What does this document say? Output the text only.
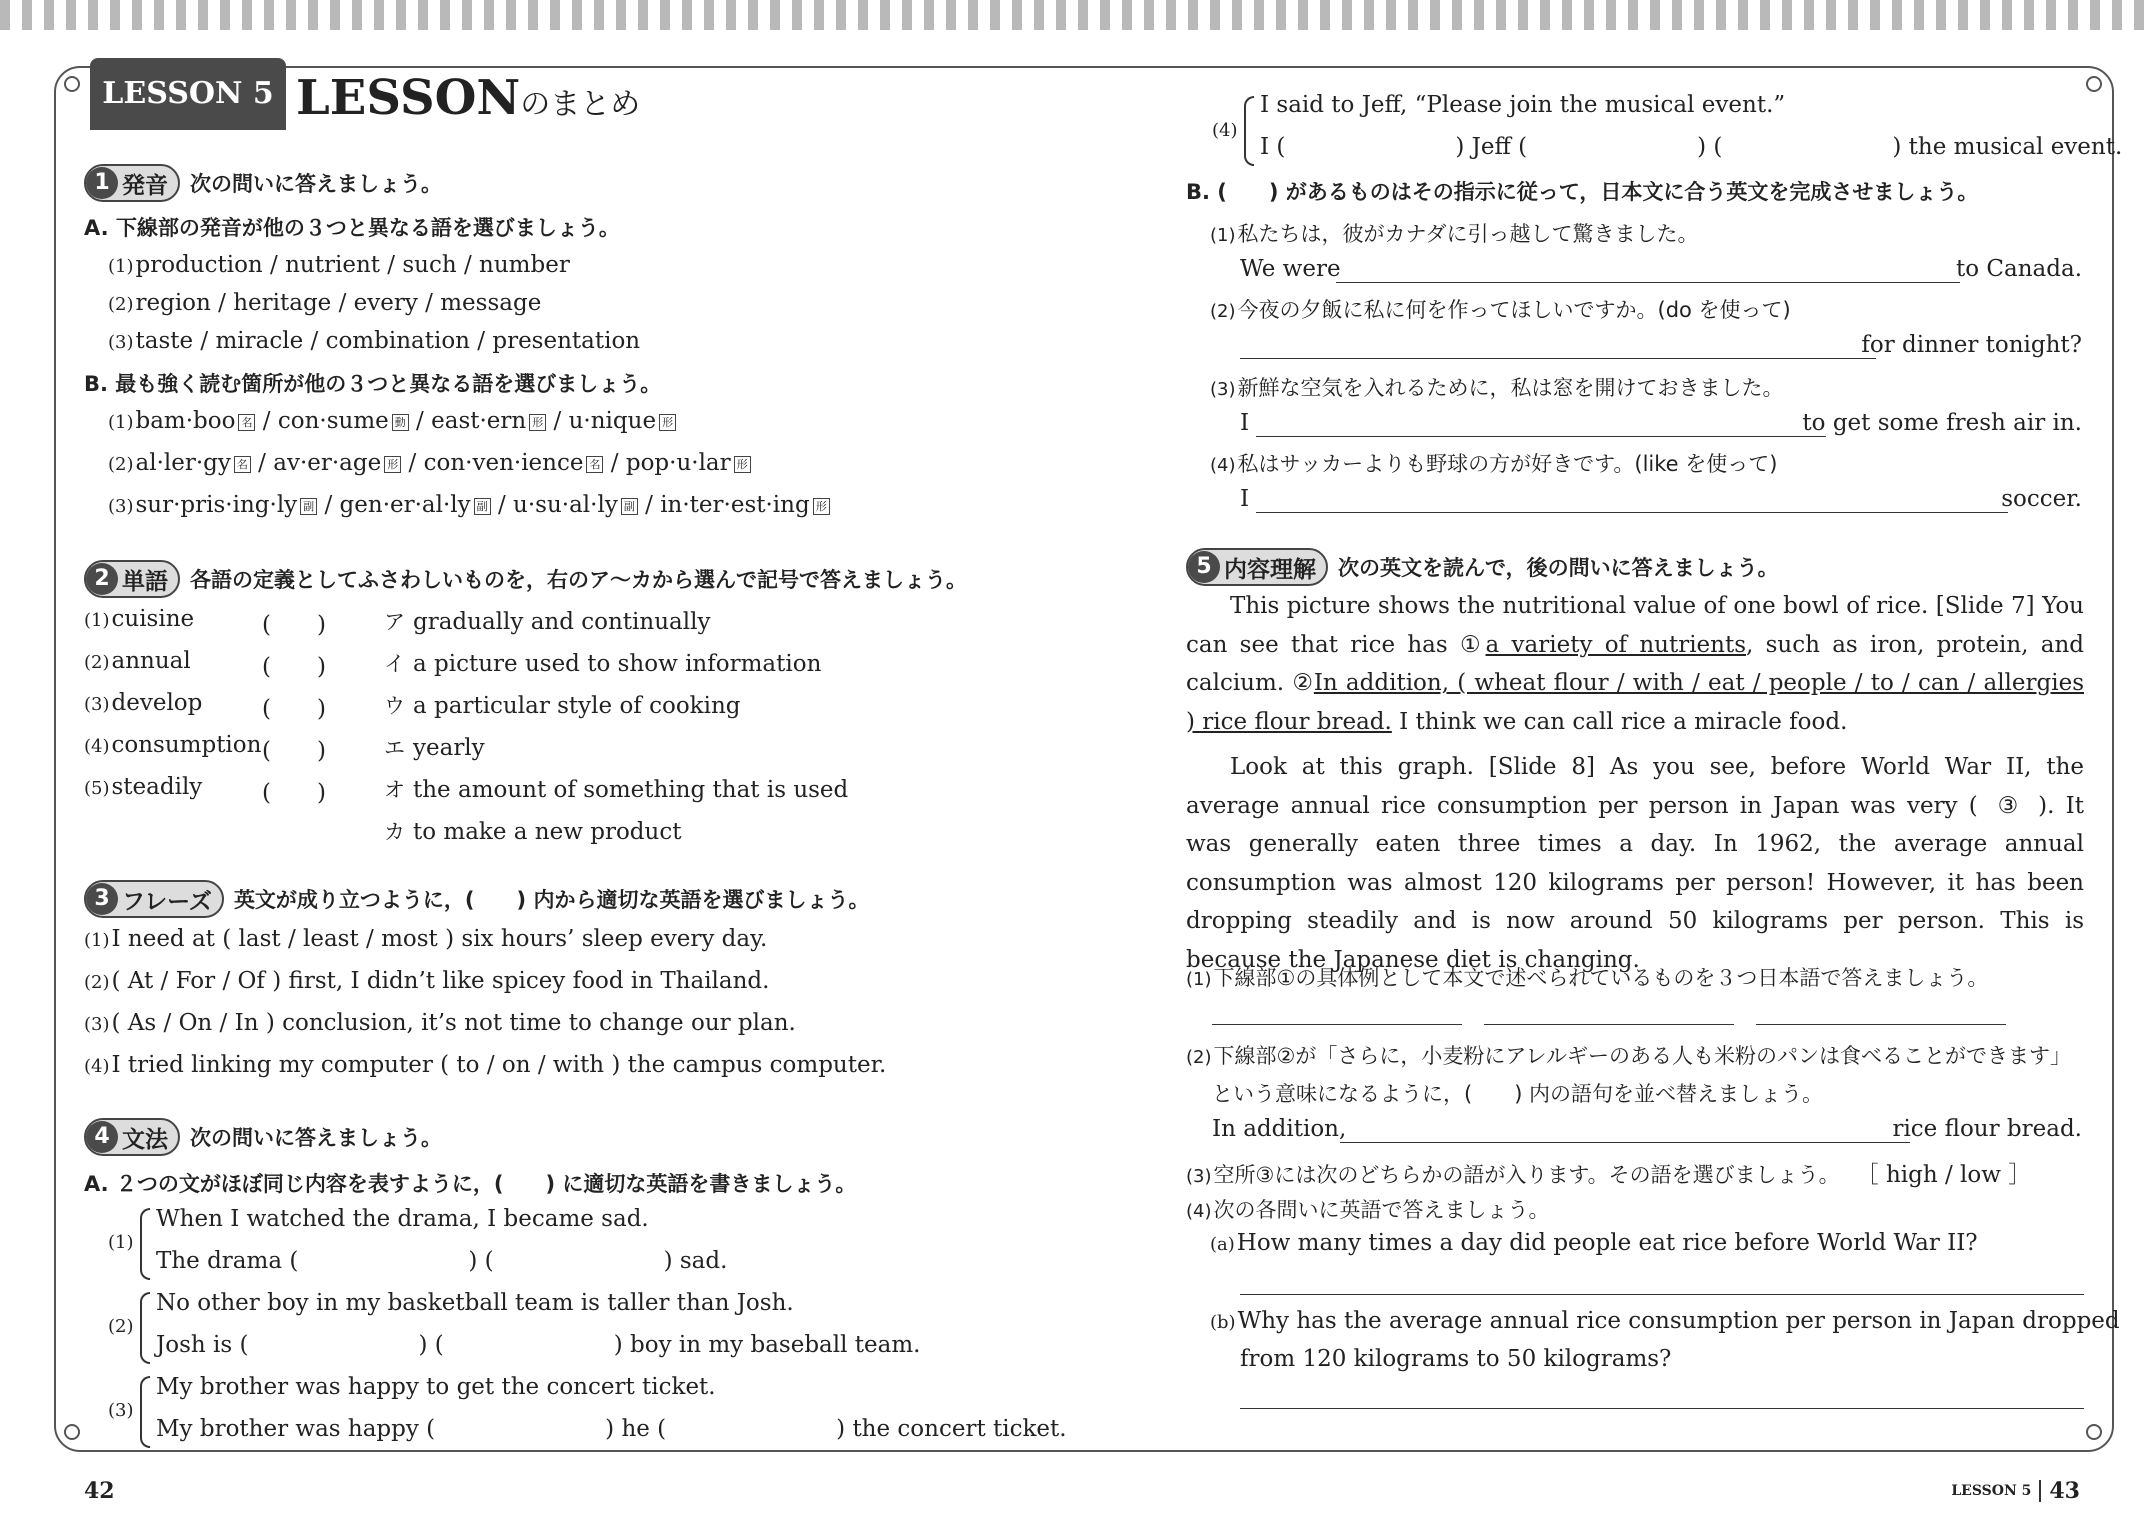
LESSON 5 LESSONのまとめ
1 発音 次の問いに答えましょう。
A. 下線部の発音が他の３つと異なる語を選びましょう。
(1)production / nutrient / such / number
(2)region / heritage / every / message
(3)taste / miracle / combination / presentation
B. 最も強く読む箇所が他の３つと異なる語を選びましょう。
(1)bam·boo 名 / con·sume 動 / east·ern 形 / u·nique 形
(2)al·ler·gy 名 / av·er·age 形 / con·ven·ience 名 / pop·u·lar 形
(3)sur·pris·ing·ly 副 / gen·er·al·ly 副 / u·su·al·ly 副 / in·ter·est·ing 形
2 単語 各語の定義としてふさわしいものを，右のア〜カから選んで記号で答えましょう。
(1)cuisine	(　　)	ア gradually and continually
(2)annual	(　　)	イ a picture used to show information
(3)develop	(　　)	ウ a particular style of cooking
(4)consumption (　　)	エ yearly
(5)steadily	(　　)	オ the amount of something that is used
カ to make a new product
3 フレーズ 英文が成り立つように，(　　) 内から適切な英語を選びましょう。
(1)I need at ( last / least / most ) six hours’ sleep every day.
(2)( At / For / Of ) first, I didn’t like spicey food in Thailand.
(3)( As / On / In ) conclusion, it’s not time to change our plan.
(4)I tried linking my computer ( to / on / with ) the campus computer.
4 文法 次の問いに答えましょう。
A. ２つの文がほぼ同じ内容を表すように，(　　) に適切な英語を書きましょう。
(1)
When I watched the drama, I became sad.
The drama (	) (	) sad.
(2)
No other boy in my basketball team is taller than Josh.
Josh is (	) (	) boy in my baseball team.
(3)
My brother was happy to get the concert ticket.
My brother was happy (	) he (	) the concert ticket.
(4)
I said to Jeff, “Please join the musical event.”
I (	) Jeff (	) (	) the musical event.
B. (　　) があるものはその指示に従って，日本文に合う英文を完成させましょう。
(1)私たちは，彼がカナダに引っ越して驚きました。
We were	to Canada.
(2)今夜の夕飯に私に何を作ってほしいですか。(do を使って)
for dinner tonight?
(3)新鮮な空気を入れるために，私は窓を開けておきました。
I	to get some fresh air in.
(4)私はサッカーよりも野球の方が好きです。(like を使って)
I	soccer.
5 内容理解 次の英文を読んで，後の問いに答えましょう。
This picture shows the nutritional value of one bowl of rice. [Slide 7] You can see that rice has ①a variety of nutrients, such as iron, protein, and calcium. ②In addition, ( wheat flour / with / eat / people / to / can / allergies ) rice flour bread. I think we can call rice a miracle food.
Look at this graph. [Slide 8] As you see, before World War II, the average annual rice consumption per person in Japan was very ( ③ ). It was generally eaten three times a day. In 1962, the average annual consumption was almost 120 kilograms per person! However, it has been dropping steadily and is now around 50 kilograms per person. This is because the Japanese diet is changing.
(1)下線部①の具体例として本文で述べられているものを３つ日本語で答えましょう。
(2)下線部②が「さらに，小麦粉にアレルギーのある人も米粉のパンは食べることができます」
という意味になるように，(　　) 内の語句を並べ替えましょう。
In addition,	rice flour bread.
(3)空所③には次のどちらかの語が入ります。その語を選びましょう。 ［ high / low ］
(4)次の各問いに英語で答えましょう。
(a)How many times a day did people eat rice before World War II?
(b)Why has the average annual rice consumption per person in Japan dropped
from 120 kilograms to 50 kilograms?
42	LESSON 5 43
